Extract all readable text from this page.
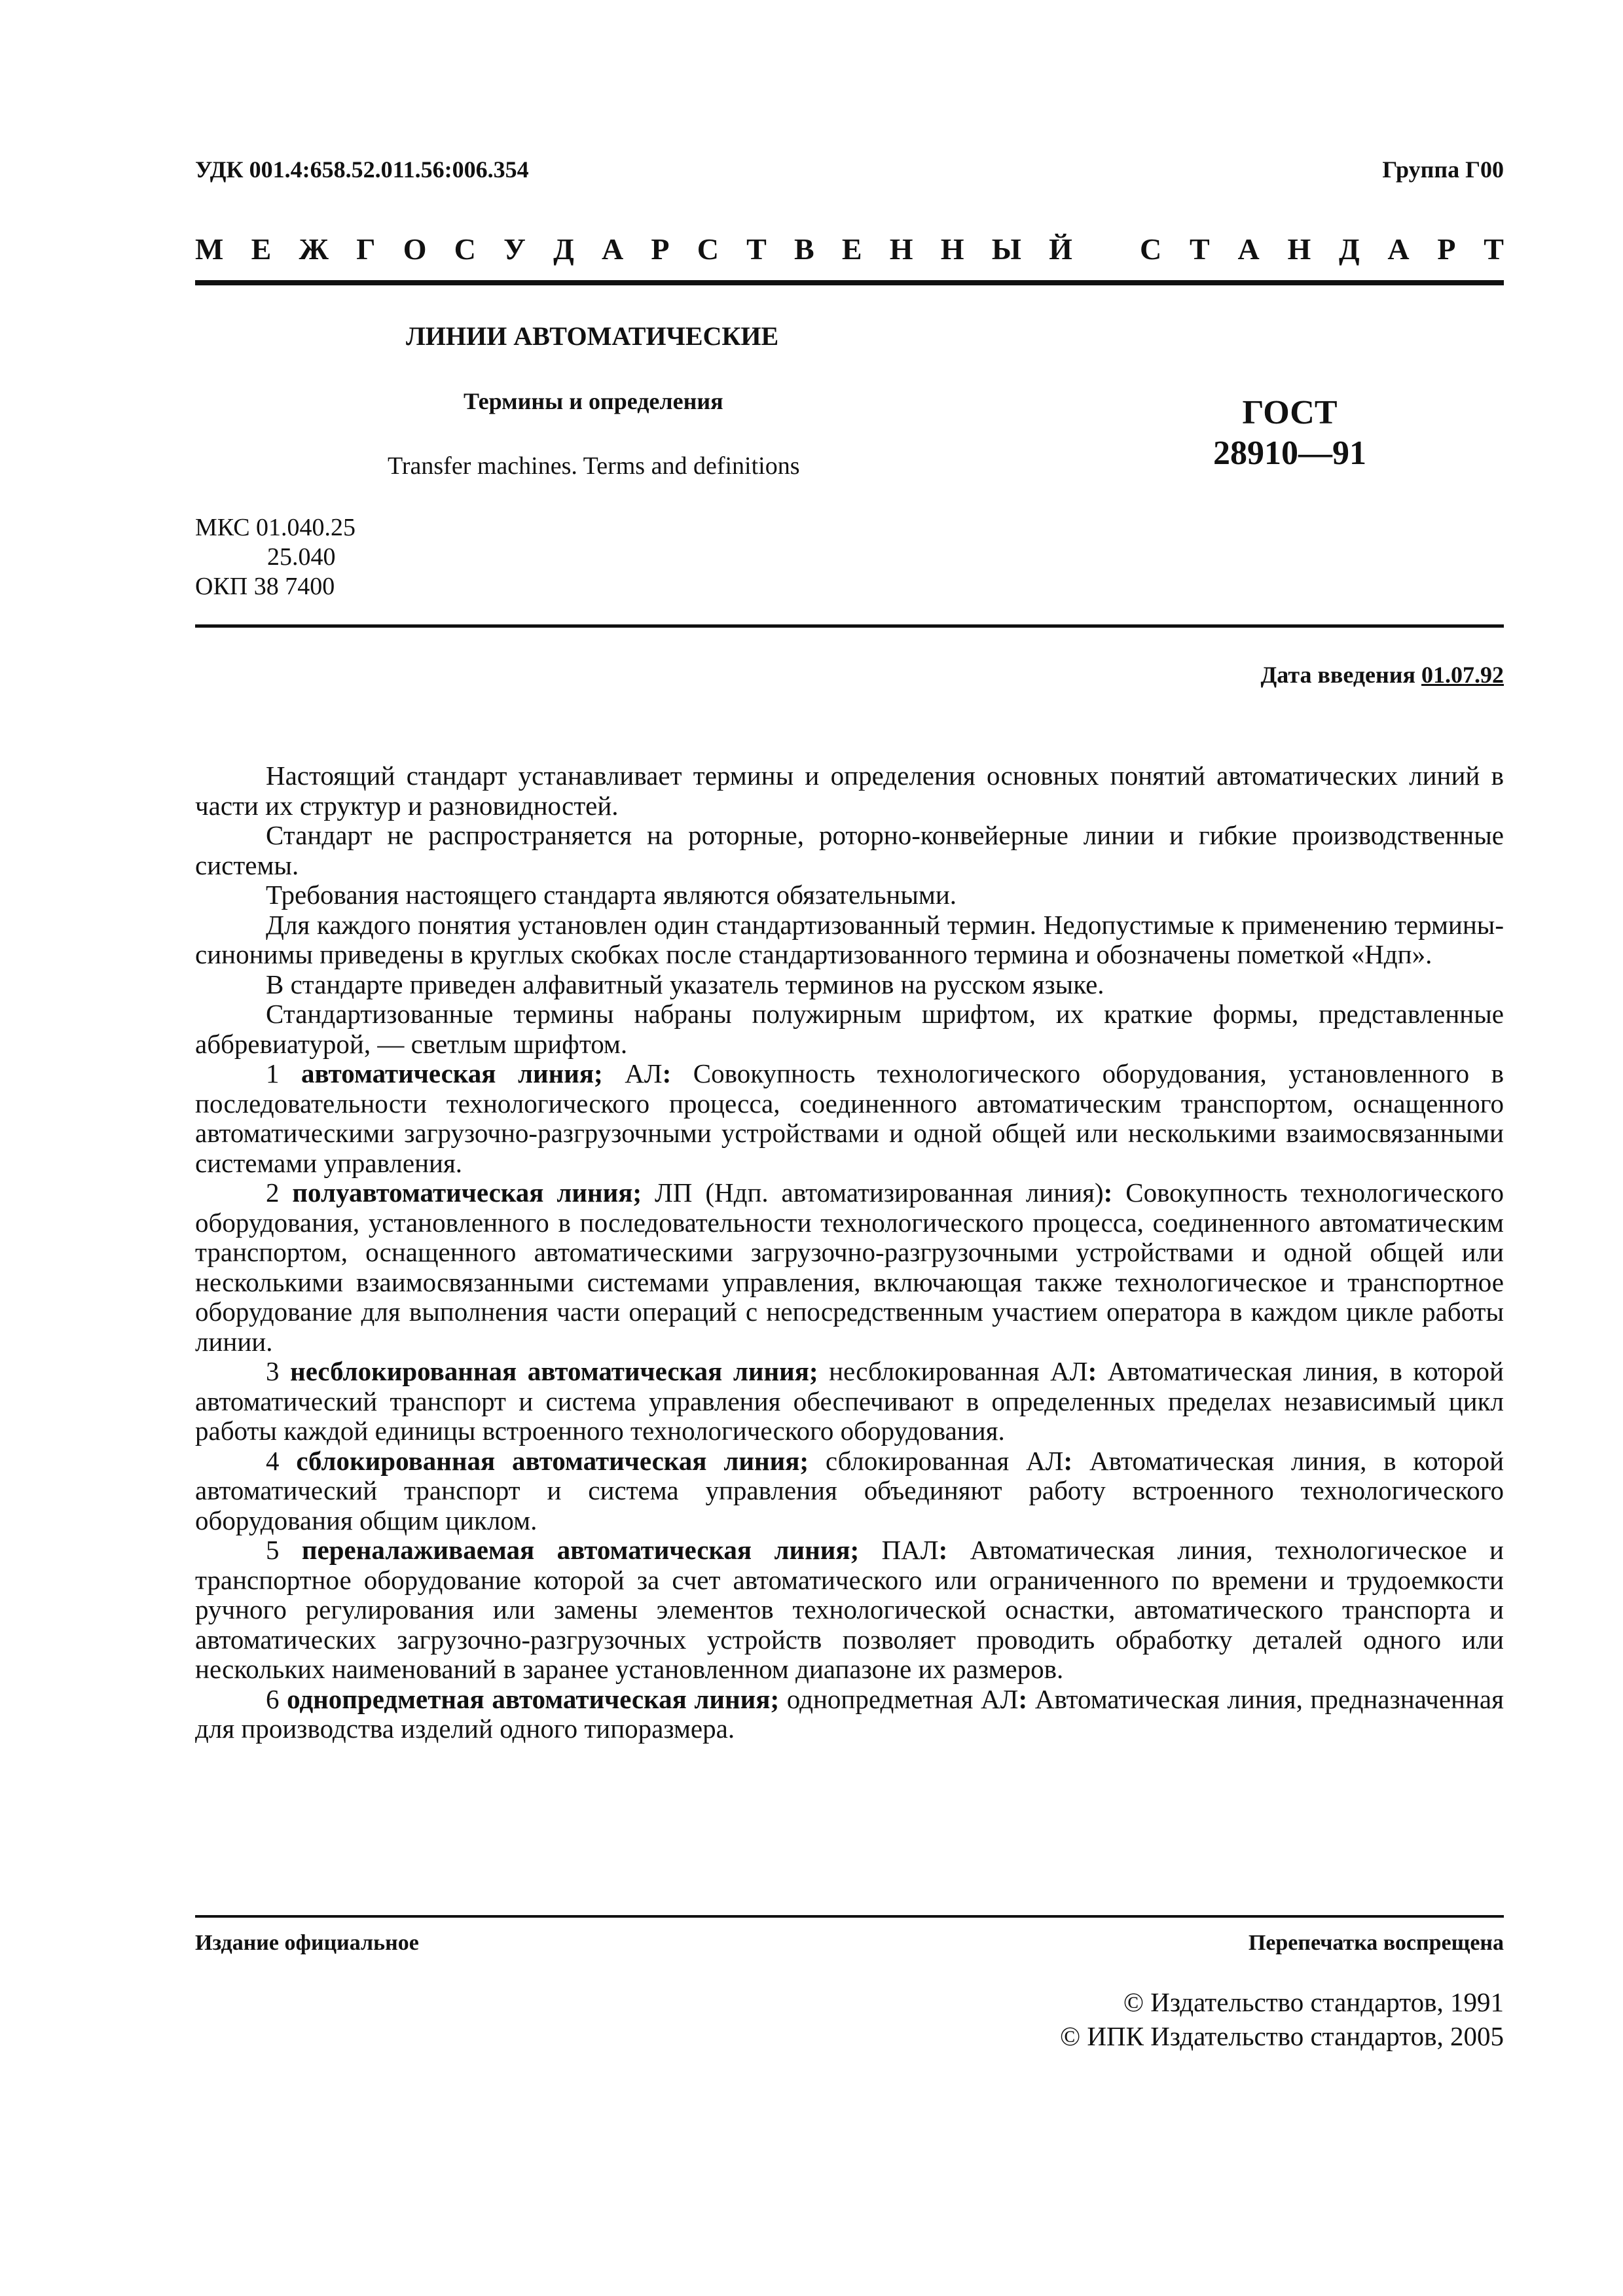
УДК 001.4:658.52.011.56:006.354	Группа Г00
М Е Ж Г О С У Д А Р С Т В Е Н Н Ы Й С Т А Н Д А Р Т
ЛИНИИ АВТОМАТИЧЕСКИЕ
Термины и определения
Transfer machines. Terms and definitions
ГОСТ
28910—91
МКС 01.040.25
25.040
ОКП 38 7400
Дата введения 01.07.92

Настоящий стандарт устанавливает термины и определения основных понятий автоматических линий в части их структур и разновидностей.

Стандарт не распространяется на роторные, роторно-конвейерные линии и гибкие производственные системы.

Требования настоящего стандарта являются обязательными.

Для каждого понятия установлен один стандартизованный термин. Недопустимые к применению термины-синонимы приведены в круглых скобках после стандартизованного термина и обозначены пометкой «Ндп».

В стандарте приведен алфавитный указатель терминов на русском языке.

Стандартизованные термины набраны полужирным шрифтом, их краткие формы, представленные аббревиатурой, — светлым шрифтом.

1 автоматическая линия; АЛ: Совокупность технологического оборудования, установленного в последовательности технологического процесса, соединенного автоматическим транспортом, оснащенного автоматическими загрузочно-разгрузочными устройствами и одной общей или несколькими взаимосвязанными системами управления.

2 полуавтоматическая линия; ЛП (Ндп. автоматизированная линия): Совокупность технологического оборудования, установленного в последовательности технологического процесса, соединенного автоматическим транспортом, оснащенного автоматическими загрузочно-разгрузочными устройствами и одной общей или несколькими взаимосвязанными системами управления, включающая также технологическое и транспортное оборудование для выполнения части операций с непосредственным участием оператора в каждом цикле работы линии.

3 несблокированная автоматическая линия; несблокированная АЛ: Автоматическая линия, в которой автоматический транспорт и система управления обеспечивают в определенных пределах независимый цикл работы каждой единицы встроенного технологического оборудования.

4 сблокированная автоматическая линия; сблокированная АЛ: Автоматическая линия, в которой автоматический транспорт и система управления объединяют работу встроенного технологического оборудования общим циклом.

5 переналаживаемая автоматическая линия; ПАЛ: Автоматическая линия, технологическое и транспортное оборудование которой за счет автоматического или ограниченного по времени и трудоемкости ручного регулирования или замены элементов технологической оснастки, автоматического транспорта и автоматических загрузочно-разгрузочных устройств позволяет проводить обработку деталей одного или нескольких наименований в заранее установленном диапазоне их размеров.

6 однопредметная автоматическая линия; однопредметная АЛ: Автоматическая линия, предназначенная для производства изделий одного типоразмера.

Издание официальное	Перепечатка воспрещена
© Издательство стандартов, 1991
© ИПК Издательство стандартов, 2005
